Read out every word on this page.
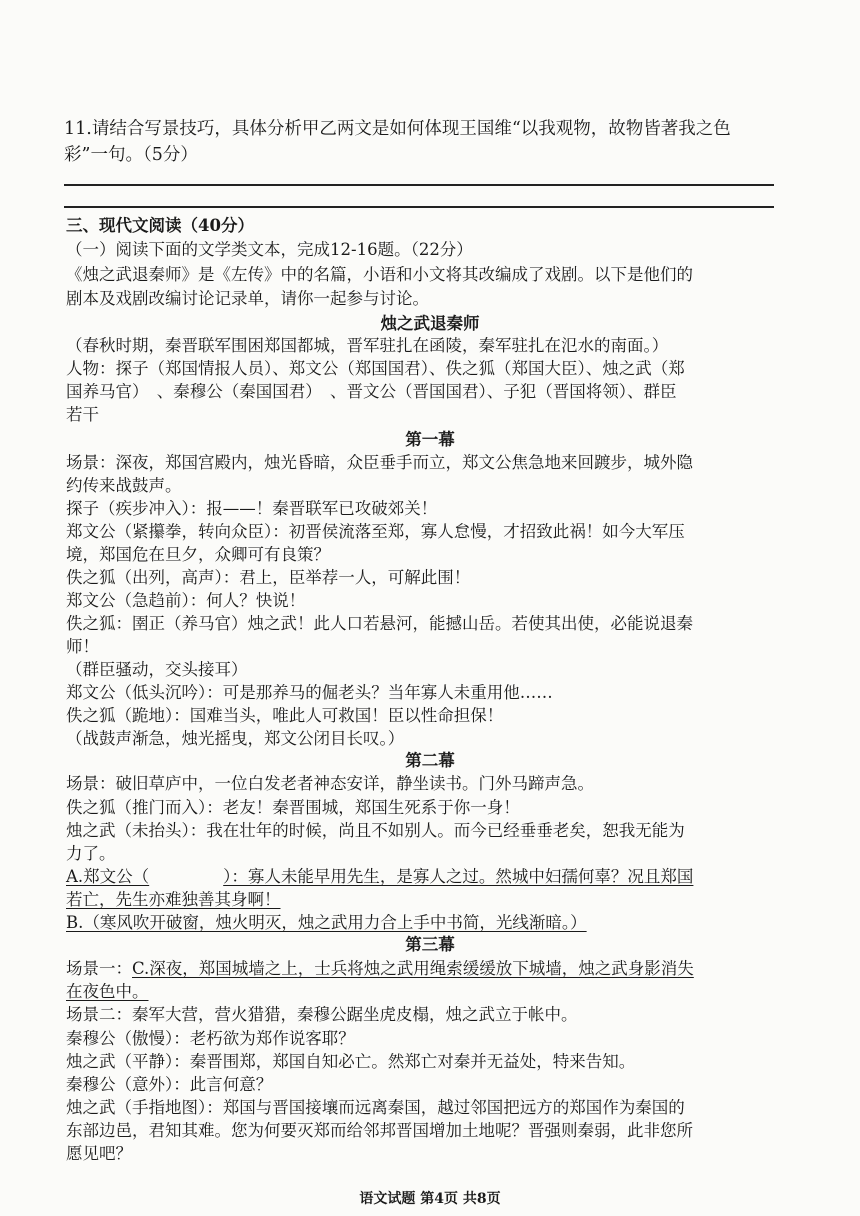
11.请结合写景技巧，具体分析甲乙两文是如何体现王国维“以我观物，故物皆著我之色
彩”一句。（5分）
三、现代文阅读（40分）
（一）阅读下面的文学类文本，完成12-16题。（22分）
《烛之武退秦师》是《左传》中的名篇，小语和小文将其改编成了戏剧。以下是他们的
剧本及戏剧改编讨论记录单，请你一起参与讨论。
烛之武退秦师
（春秋时期，秦晋联军围困郑国都城，晋军驻扎在函陵，秦军驻扎在氾水的南面。）
人物：探子（郑国情报人员）、郑文公（郑国国君）、佚之狐（郑国大臣）、烛之武（郑
国养马官）　、秦穆公（秦国国君）　、晋文公（晋国国君）、子犯（晋国将领）、群臣
若干
第一幕
场景：深夜，郑国宫殿内，烛光昏暗，众臣垂手而立，郑文公焦急地来回踱步，城外隐
约传来战鼓声。
探子（疾步冲入）：报——！秦晋联军已攻破郊关！
郑文公（紧攥拳，转向众臣）：初晋侯流落至郑，寡人怠慢，才招致此祸！如今大军压
境，郑国危在旦夕，众卿可有良策？
佚之狐（出列，高声）：君上，臣举荐一人，可解此围！
郑文公（急趋前）：何人？快说！
佚之狐：圉正（养马官）烛之武！此人口若悬河，能撼山岳。若使其出使，必能说退秦
师！
（群臣骚动，交头接耳）
郑文公（低头沉吟）：可是那养马的倔老头？当年寡人未重用他……
佚之狐（跪地）：国难当头，唯此人可救国！臣以性命担保！
（战鼓声渐急，烛光摇曳，郑文公闭目长叹。）
第二幕
场景：破旧草庐中，一位白发老者神态安详，静坐读书。门外马蹄声急。
佚之狐（推门而入）：老友！秦晋围城，郑国生死系于你一身！
烛之武（未抬头）：我在壮年的时候，尚且不如别人。而今已经垂垂老矣，恕我无能为
力了。
A.郑文公（	）：寡人未能早用先生，是寡人之过。然城中妇孺何辜？况且郑国
若亡，先生亦难独善其身啊！
B.（寒风吹开破窗，烛火明灭，烛之武用力合上手中书简，光线渐暗。）
第三幕
场景一：C.深夜，郑国城墙之上，士兵将烛之武用绳索缓缓放下城墙，烛之武身影消失
在夜色中。
场景二：秦军大营，营火猎猎，秦穆公踞坐虎皮榻，烛之武立于帐中。
秦穆公（傲慢）：老朽欲为郑作说客耶？
烛之武（平静）：秦晋围郑，郑国自知必亡。然郑亡对秦并无益处，特来告知。
秦穆公（意外）：此言何意？
烛之武（手指地图）：郑国与晋国接壤而远离秦国，越过邻国把远方的郑国作为秦国的
东部边邑，君知其难。您为何要灭郑而给邻邦晋国增加土地呢？晋强则秦弱，此非您所
愿见吧？
语文试题 第4页 共8页
